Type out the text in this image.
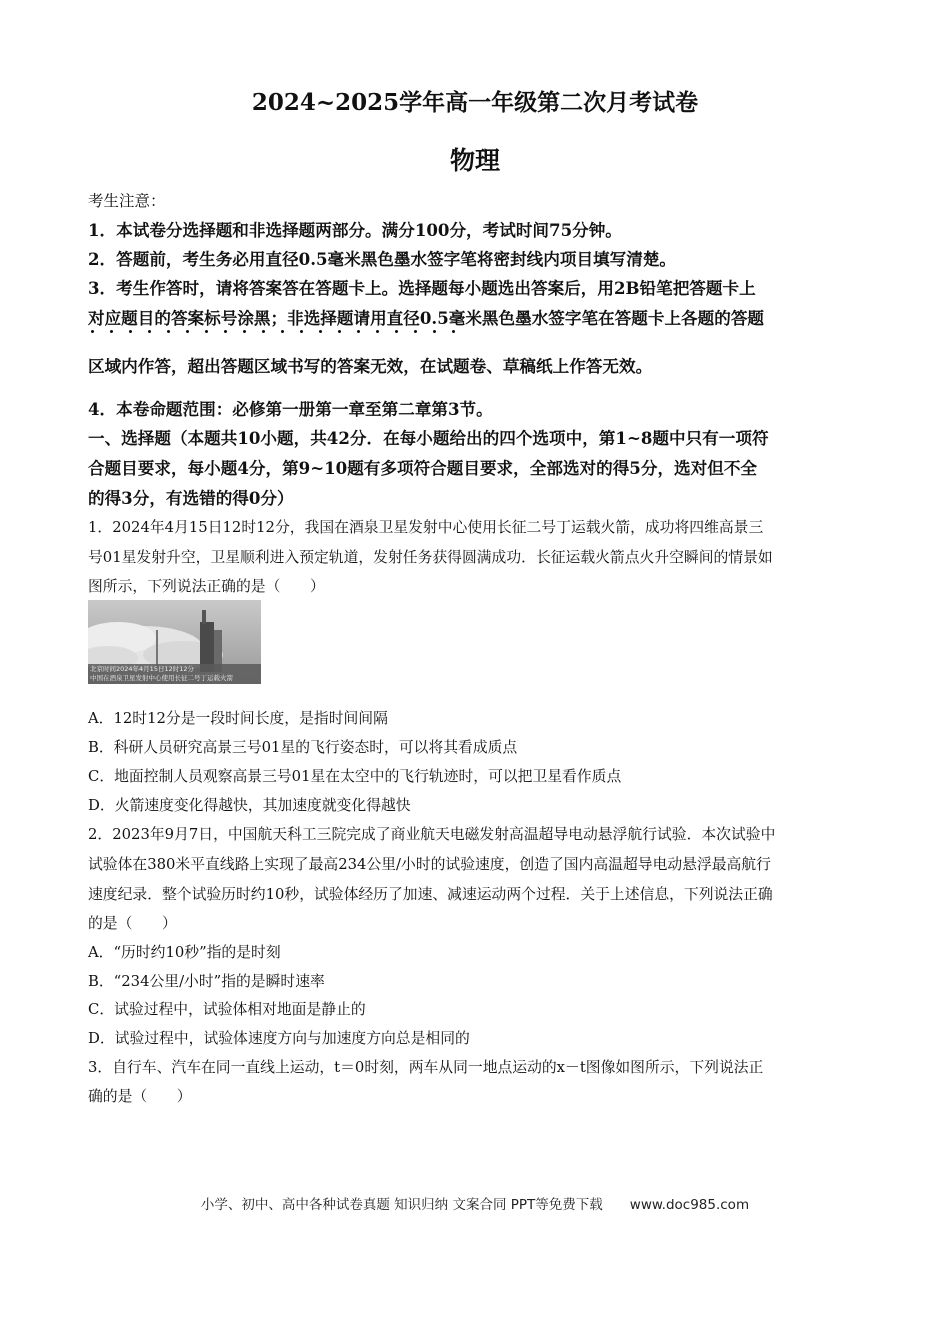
2024~2025学年高一年级第二次月考试卷
物理
考生注意：
1．本试卷分选择题和非选择题两部分。满分100分，考试时间75分钟。
2．答题前，考生务必用直径0.5毫米黑色墨水签字笔将密封线内项目填写清楚。
3．考生作答时，请将答案答在答题卡上。选择题每小题选出答案后，用2B铅笔把答题卡上
对应题目的答案标号涂黑；非选择题请用直径0.5毫米黑色墨水签字笔在答题卡上各题的答题
区域内作答，超出答题区域书写的答案无效，在试题卷、草稿纸上作答无效。
4．本卷命题范围：必修第一册第一章至第二章第3节。
一、选择题（本题共10小题，共42分．在每小题给出的四个选项中，第1~8题中只有一项符
合题目要求，每小题4分，第9~10题有多项符合题目要求，全部选对的得5分，选对但不全
的得3分，有选错的得0分）
1．2024年4月15日12时12分，我国在酒泉卫星发射中心使用长征二号丁运载火箭，成功将四维高景三
号01星发射升空，卫星顺利进入预定轨道，发射任务获得圆满成功．长征运载火箭点火升空瞬间的情景如
图所示，下列说法正确的是（　　）
北京时间2024年4月15日12时12分
中国在酒泉卫星发射中心使用长征二号丁运载火箭
A．12时12分是一段时间长度，是指时间间隔
B．科研人员研究高景三号01星的飞行姿态时，可以将其看成质点
C．地面控制人员观察高景三号01星在太空中的飞行轨迹时，可以把卫星看作质点
D．火箭速度变化得越快，其加速度就变化得越快
2．2023年9月7日，中国航天科工三院完成了商业航天电磁发射高温超导电动悬浮航行试验．本次试验中
试验体在380米平直线路上实现了最高234公里/小时的试验速度，创造了国内高温超导电动悬浮最高航行
速度纪录．整个试验历时约10秒，试验体经历了加速、减速运动两个过程．关于上述信息，下列说法正确
的是（　　）
A．“历时约10秒”指的是时刻
B．“234公里/小时”指的是瞬时速率
C．试验过程中，试验体相对地面是静止的
D．试验过程中，试验体速度方向与加速度方向总是相同的
3．自行车、汽车在同一直线上运动，t＝0时刻，两车从同一地点运动的x－t图像如图所示，下列说法正
确的是（　　）
小学、初中、高中各种试卷真题 知识归纳 文案合同 PPT等免费下载　　www.doc985.com
